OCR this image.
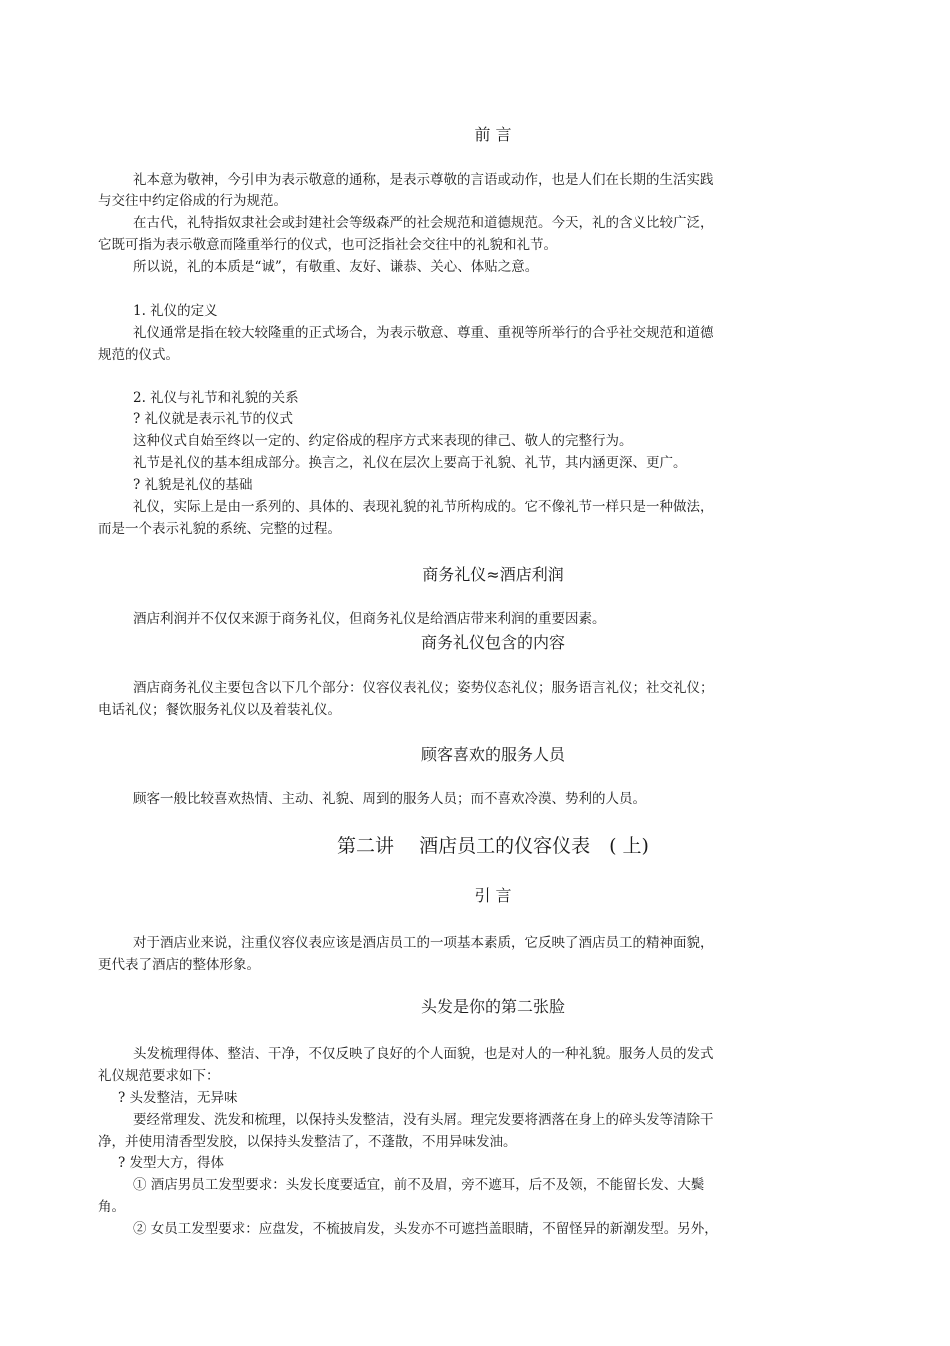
前 言
礼本意为敬神，今引申为表示敬意的通称，是表示尊敬的言语或动作，也是人们在长期的生活实践
与交往中约定俗成的行为规范。
在古代，礼特指奴隶社会或封建社会等级森严的社会规范和道德规范。今天，礼的含义比较广泛，
它既可指为表示敬意而隆重举行的仪式，也可泛指社会交往中的礼貌和礼节。
所以说，礼的本质是“诚”，有敬重、友好、谦恭、关心、体贴之意。
1. 礼仪的定义
礼仪通常是指在较大较隆重的正式场合，为表示敬意、尊重、重视等所举行的合乎社交规范和道德
规范的仪式。
2. 礼仪与礼节和礼貌的关系
? 礼仪就是表示礼节的仪式
这种仪式自始至终以一定的、约定俗成的程序方式来表现的律己、敬人的完整行为。
礼节是礼仪的基本组成部分。换言之，礼仪在层次上要高于礼貌、礼节，其内涵更深、更广。
? 礼貌是礼仪的基础
礼仪，实际上是由一系列的、具体的、表现礼貌的礼节所构成的。它不像礼节一样只是一种做法，
而是一个表示礼貌的系统、完整的过程。
商务礼仪≈酒店利润
酒店利润并不仅仅来源于商务礼仪，但商务礼仪是给酒店带来利润的重要因素。
商务礼仪包含的内容
酒店商务礼仪主要包含以下几个部分：仪容仪表礼仪；姿势仪态礼仪；服务语言礼仪；社交礼仪；
电话礼仪；餐饮服务礼仪以及着装礼仪。
顾客喜欢的服务人员
顾客一般比较喜欢热情、主动、礼貌、周到的服务人员；而不喜欢冷漠、势利的人员。
第二讲　 酒店员工的仪容仪表　( 上)
引 言
对于酒店业来说，注重仪容仪表应该是酒店员工的一项基本素质，它反映了酒店员工的精神面貌，
更代表了酒店的整体形象。
头发是你的第二张脸
头发梳理得体、整洁、干净，不仅反映了良好的个人面貌，也是对人的一种礼貌。服务人员的发式
礼仪规范要求如下：
? 头发整洁，无异味
要经常理发、洗发和梳理，以保持头发整洁，没有头屑。理完发要将洒落在身上的碎头发等清除干
净，并使用清香型发胶，以保持头发整洁了，不蓬散，不用异味发油。
? 发型大方，得体
① 酒店男员工发型要求：头发长度要适宜，前不及眉，旁不遮耳，后不及领，不能留长发、大鬓
角。
② 女员工发型要求：应盘发，不梳披肩发，头发亦不可遮挡盖眼睛，不留怪异的新潮发型。另外，
